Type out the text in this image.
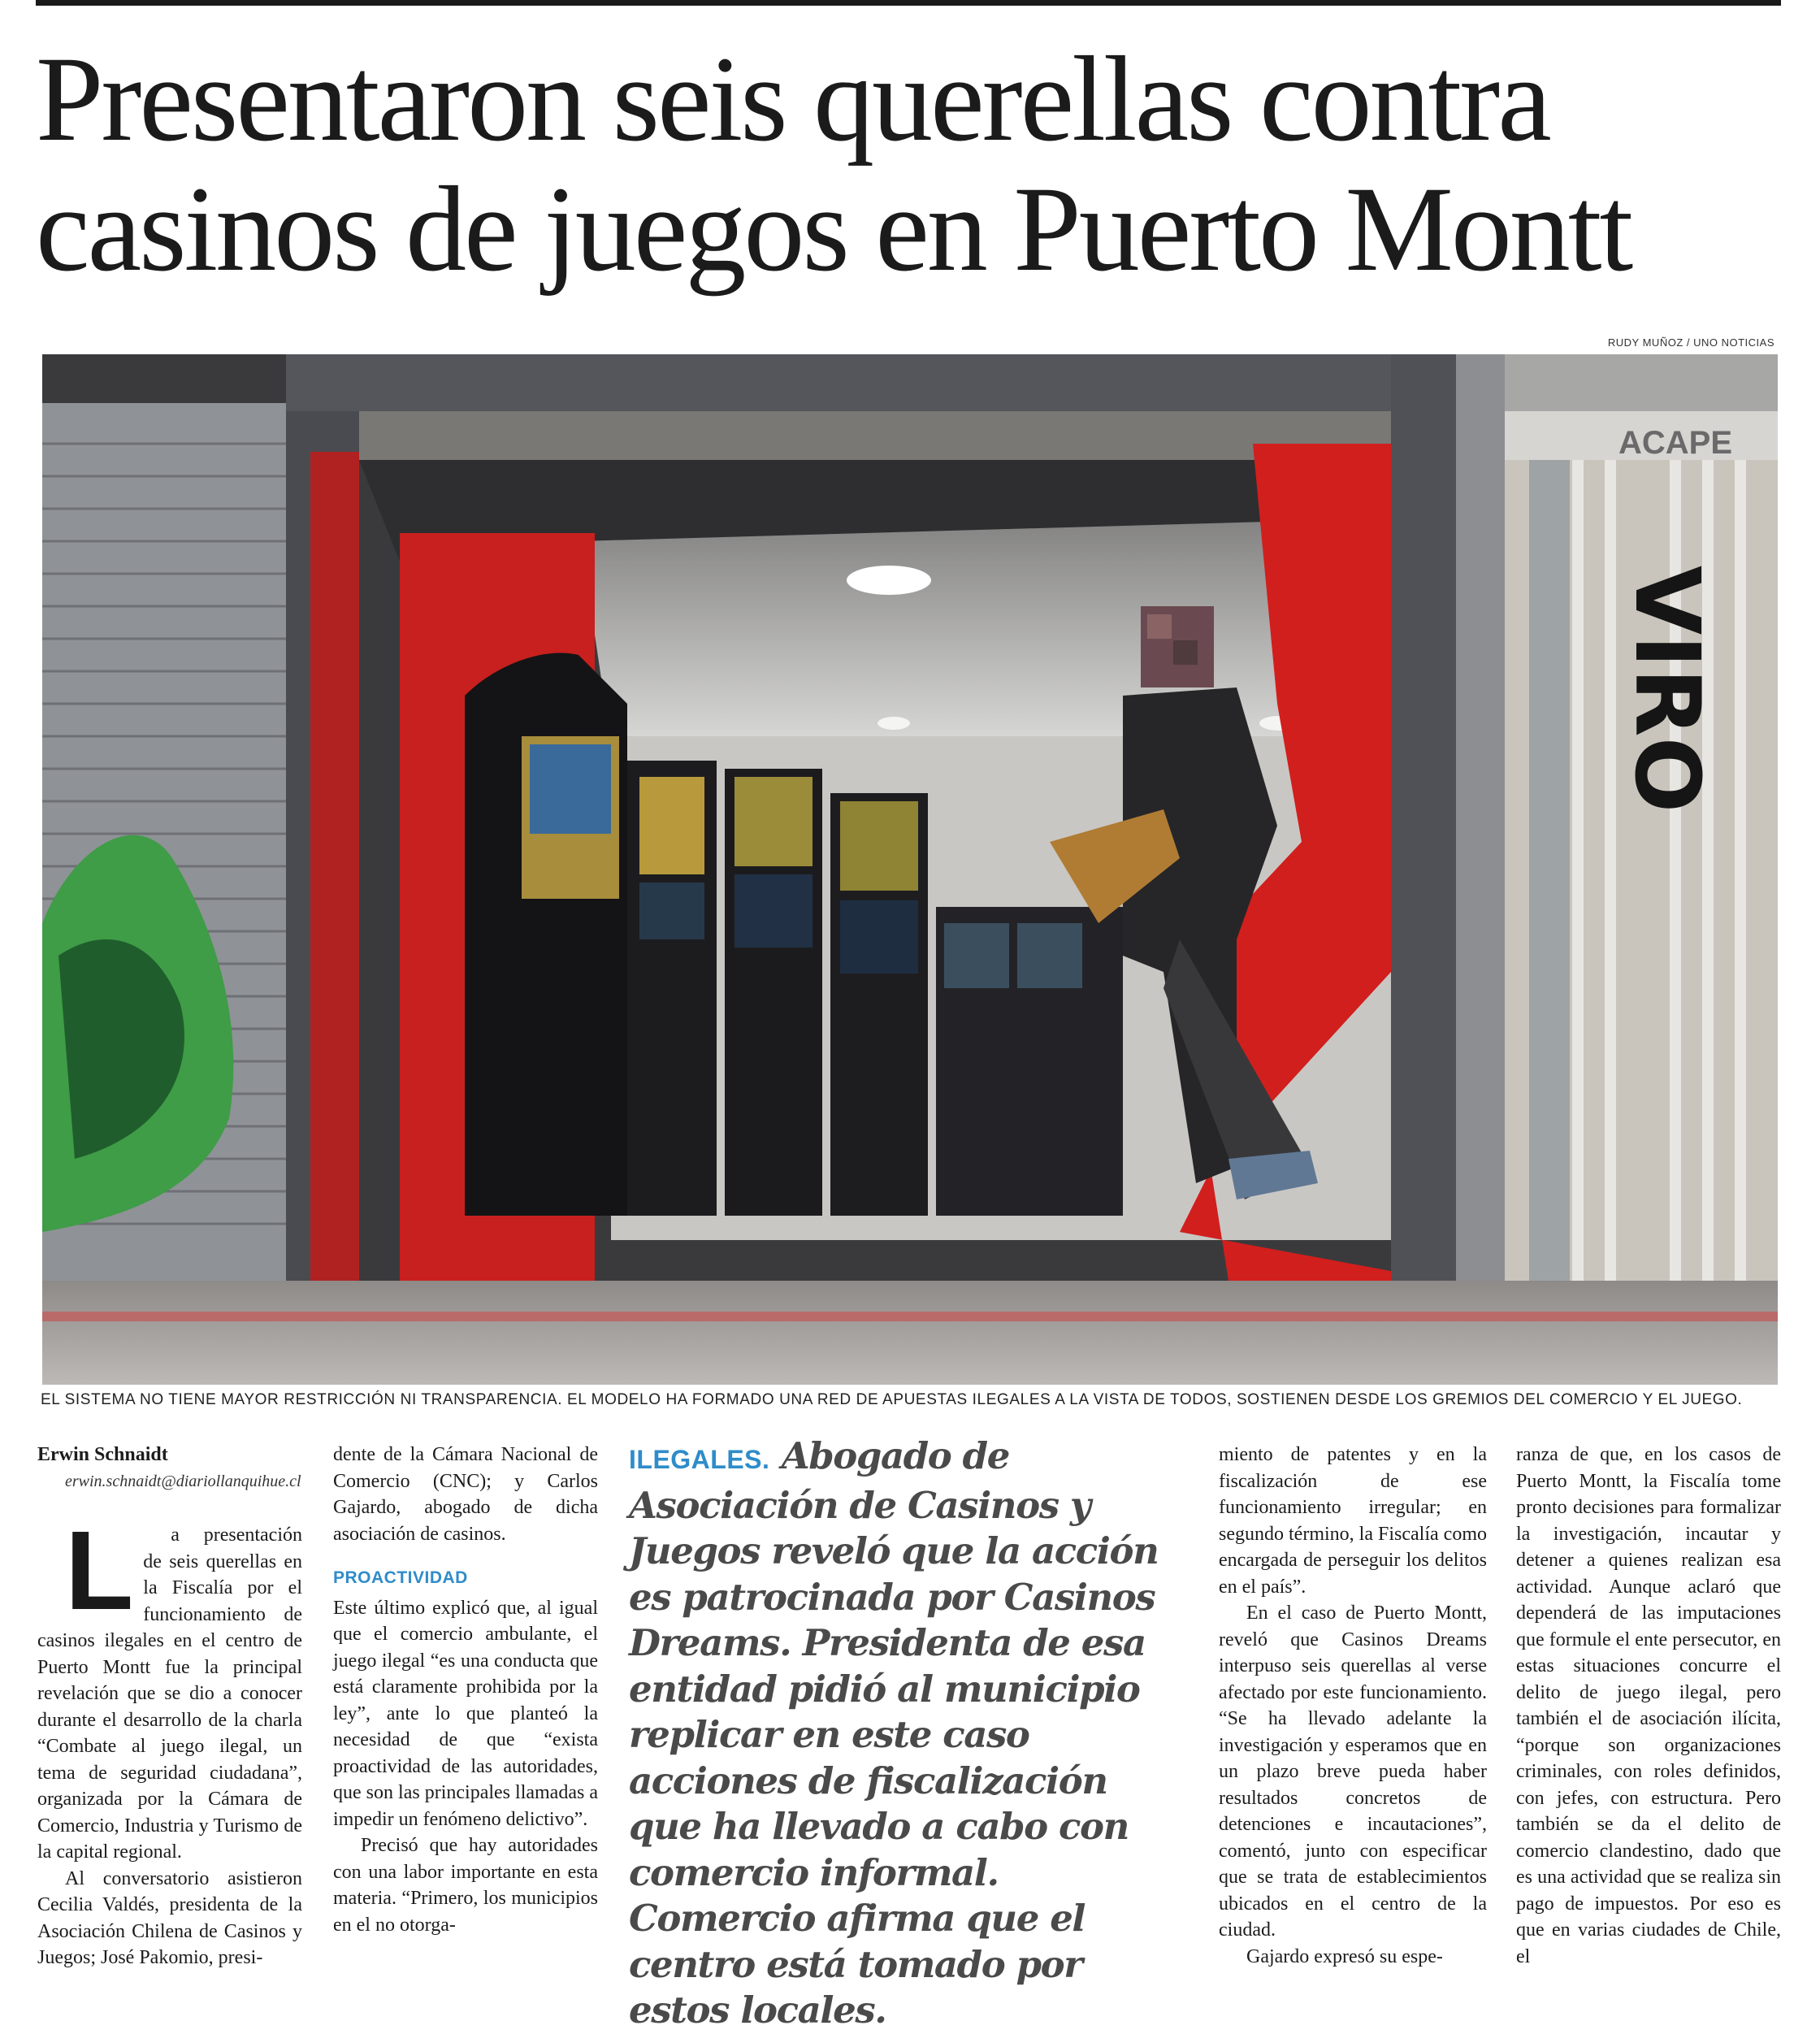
Presentaron seis querellas contra
casinos de juegos en Puerto Montt
RUDY MUÑOZ / UNO NOTICIAS
ACAPE
VIRO
EL SISTEMA NO TIENE MAYOR RESTRICCIÓN NI TRANSPARENCIA. EL MODELO HA FORMADO UNA RED DE APUESTAS ILEGALES A LA VISTA DE TODOS, SOSTIENEN DESDE LOS GREMIOS DEL COMERCIO Y EL JUEGO.

Erwin Schnaidt

erwin.schnaidt@diariollanquihue.cl

L a presentación de seis querellas en la Fiscalía por el funcionamiento de casinos ilegales en el centro de Puerto Montt fue la principal revelación que se dio a conocer durante el desarrollo de la charla “Combate al juego ilegal, un tema de seguridad ciudadana”, organizada por la Cámara de Comercio, Industria y Turismo de la capital regional.

Al conversatorio asistieron Cecilia Valdés, presidenta de la Asociación Chilena de Casinos y Juegos; José Pakomio, presi-

dente de la Cámara Nacional de Comercio (CNC); y Carlos Gajardo, abogado de dicha asociación de casinos.

PROACTIVIDAD

Este último explicó que, al igual que el comercio ambulante, el juego ilegal “es una conducta que está claramente prohibida por la ley”, ante lo que planteó la necesidad de que “exista proactividad de las autoridades, que son las principales llamadas a impedir un fenómeno delictivo”.

Precisó que hay autoridades con una labor importante en esta materia. “Primero, los municipios en el no otorga-

ILEGALES. Abogado de Asociación de Casinos y Juegos reveló que la acción es patrocinada por Casinos Dreams. Presidenta de esa entidad pidió al municipio replicar en este caso acciones de fiscalización que ha llevado a cabo con comercio informal. Comercio afirma que el centro está tomado por estos locales.

miento de patentes y en la fiscalización de ese funcionamiento irregular; en segundo término, la Fiscalía como encargada de perseguir los delitos en el país”.

En el caso de Puerto Montt, reveló que Casinos Dreams interpuso seis querellas al verse afectado por este funcionamiento. “Se ha llevado adelante la investigación y esperamos que en un plazo breve pueda haber resultados concretos de detenciones e incautaciones”, comentó, junto con especificar que se trata de establecimientos ubicados en el centro de la ciudad.

Gajardo expresó su espe-

ranza de que, en los casos de Puerto Montt, la Fiscalía tome pronto decisiones para formalizar la investigación, incautar y detener a quienes realizan esa actividad. Aunque aclaró que dependerá de las imputaciones que formule el ente persecutor, en estas situaciones concurre el delito de juego ilegal, pero también el de asociación ilícita, “porque son organizaciones criminales, con roles definidos, con jefes, con estructura. Pero también se da el delito de comercio clandestino, dado que es una actividad que se realiza sin pago de impuestos. Por eso es que en varias ciudades de Chile, el
